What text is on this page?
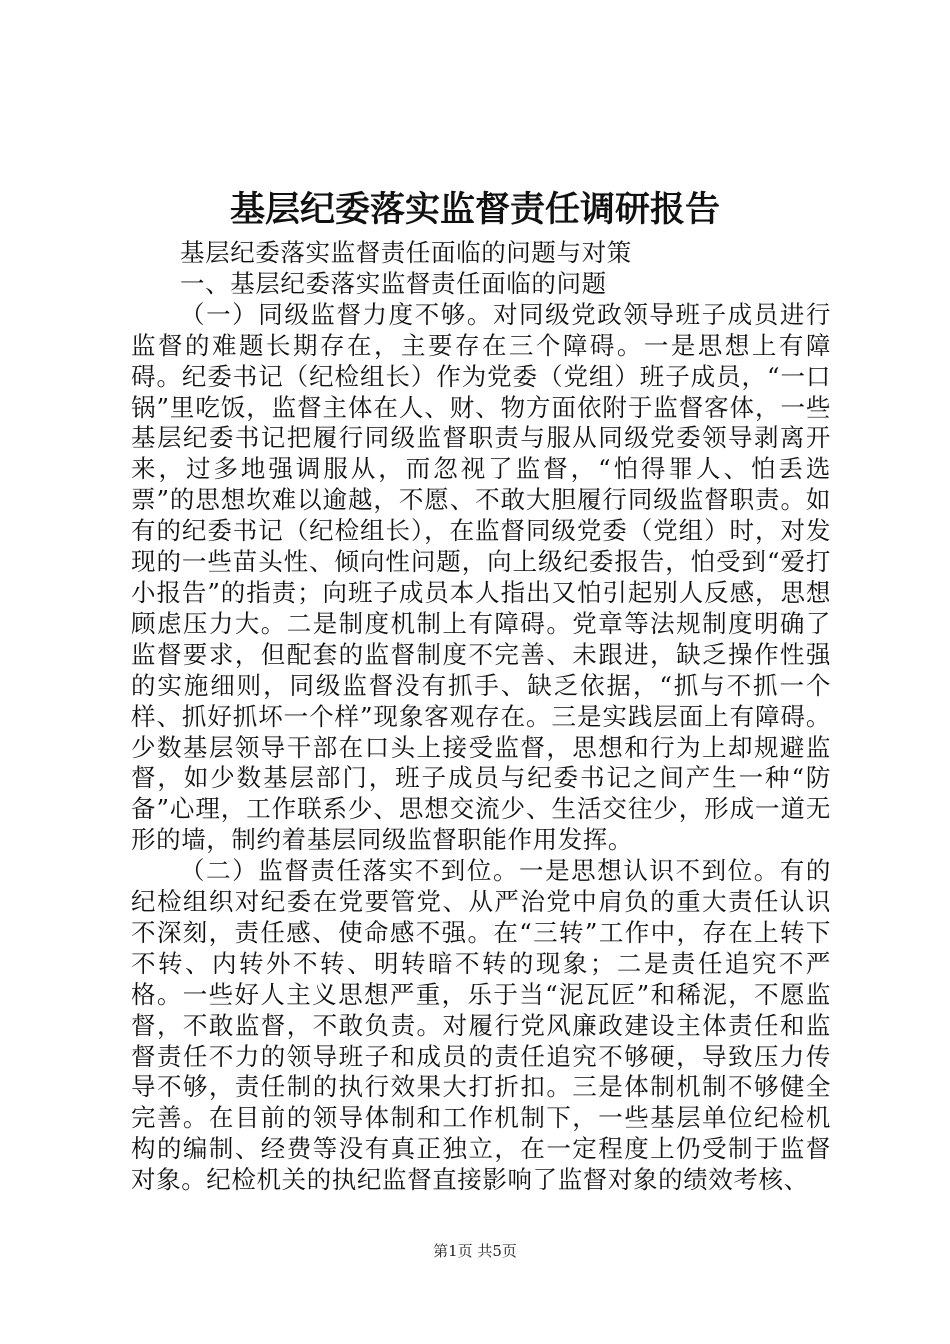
基层纪委落实监督责任调研报告

基层纪委落实监督责任面临的问题与对策

一、基层纪委落实监督责任面临的问题

（一）同级监督力度不够。对同级党政领导班子成员进行监督的难题长期存在，主要存在三个障碍。一是思想上有障碍。纪委书记（纪检组长）作为党委（党组）班子成员，“一口锅”里吃饭，监督主体在人、财、物方面依附于监督客体，一些基层纪委书记把履行同级监督职责与服从同级党委领导剥离开来，过多地强调服从，而忽视了监督，“怕得罪人、怕丢选票”的思想坎难以逾越，不愿、不敢大胆履行同级监督职责。如有的纪委书记（纪检组长），在监督同级党委（党组）时，对发现的一些苗头性、倾向性问题，向上级纪委报告，怕受到“爱打小报告”的指责；向班子成员本人指出又怕引起别人反感，思想顾虑压力大。二是制度机制上有障碍。党章等法规制度明确了监督要求，但配套的监督制度不完善、未跟进，缺乏操作性强的实施细则，同级监督没有抓手、缺乏依据，“抓与不抓一个样、抓好抓坏一个样”现象客观存在。三是实践层面上有障碍。少数基层领导干部在口头上接受监督，思想和行为上却规避监督，如少数基层部门，班子成员与纪委书记之间产生一种“防备”心理，工作联系少、思想交流少、生活交往少，形成一道无形的墙，制约着基层同级监督职能作用发挥。

（二）监督责任落实不到位。一是思想认识不到位。有的纪检组织对纪委在党要管党、从严治党中肩负的重大责任认识不深刻，责任感、使命感不强。在“三转”工作中，存在上转下不转、内转外不转、明转暗不转的现象；二是责任追究不严格。一些好人主义思想严重，乐于当“泥瓦匠”和稀泥，不愿监督，不敢监督，不敢负责。对履行党风廉政建设主体责任和监督责任不力的领导班子和成员的责任追究不够硬，导致压力传导不够，责任制的执行效果大打折扣。三是体制机制不够健全完善。在目前的领导体制和工作机制下，一些基层单位纪检机构的编制、经费等没有真正独立，在一定程度上仍受制于监督对象。纪检机关的执纪监督直接影响了监督对象的绩效考核、

第1页 共5页
